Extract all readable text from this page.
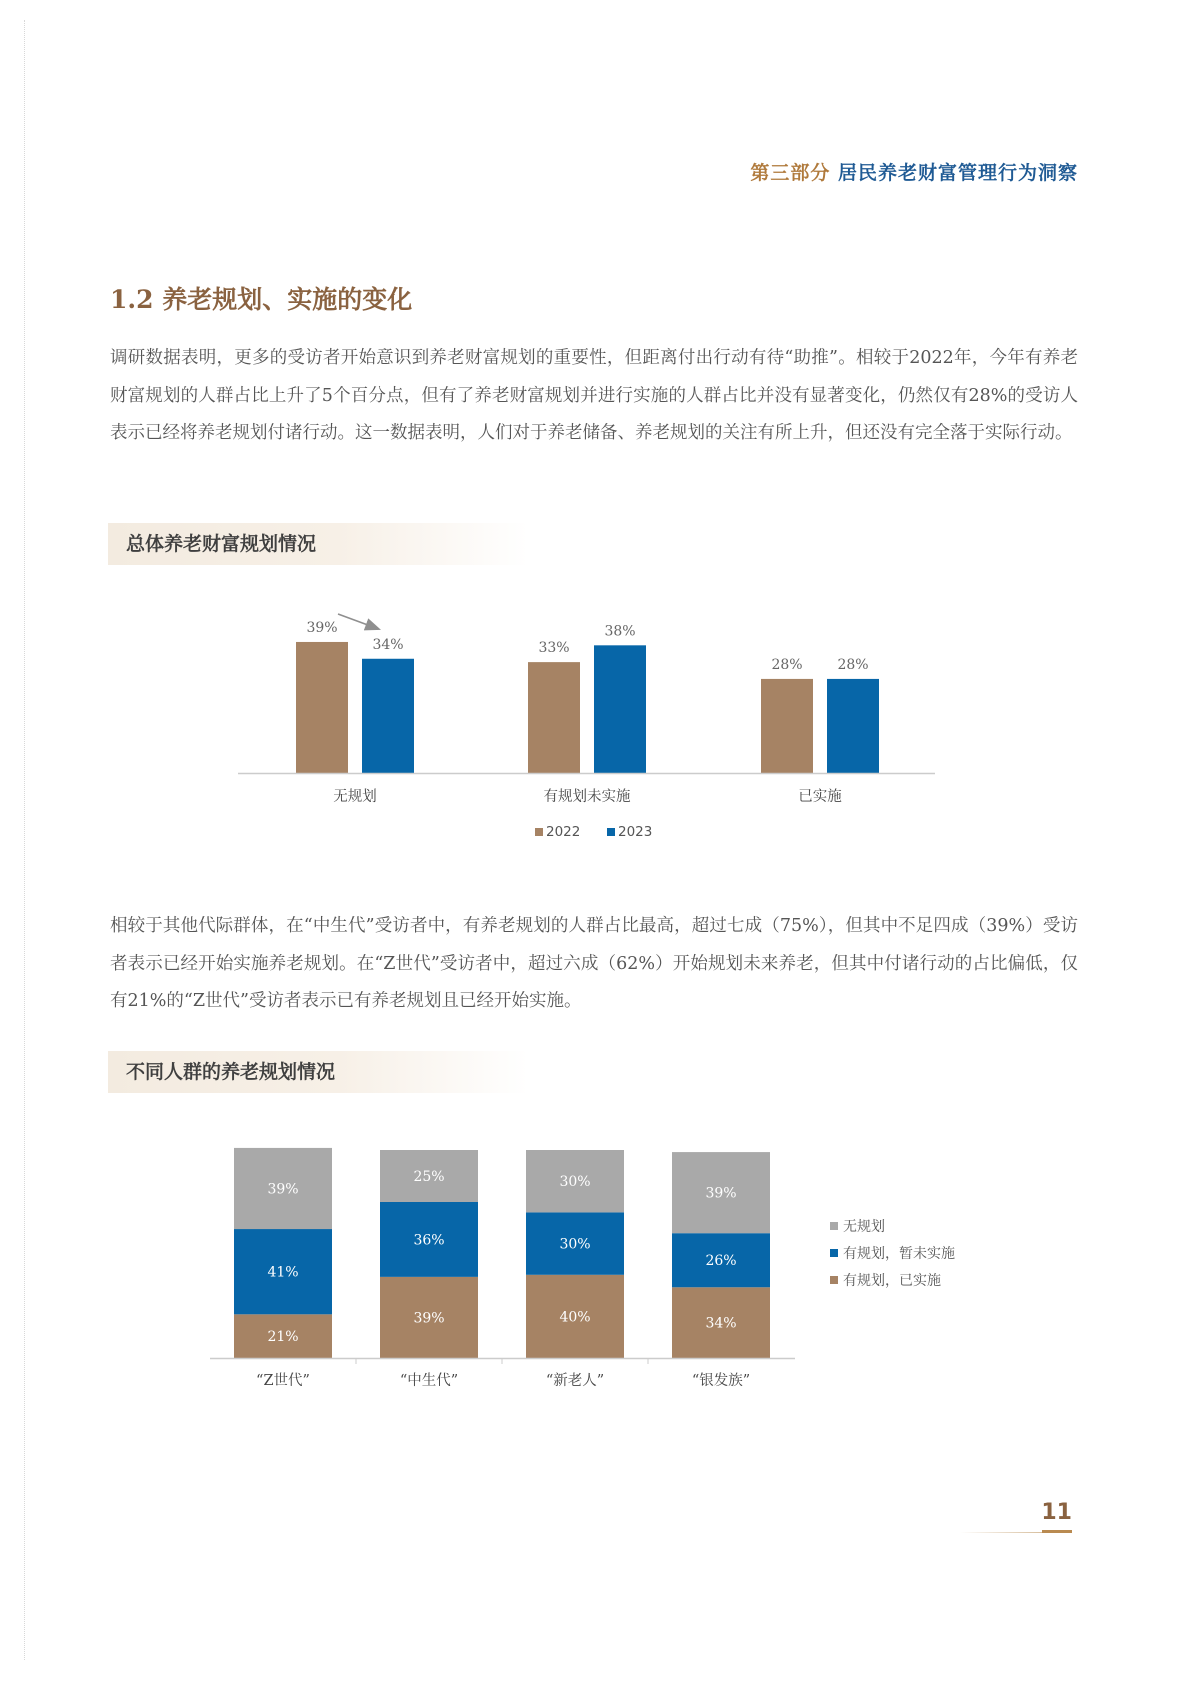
第三部分 居民养老财富管理行为洞察
1.2 养老规划、实施的变化

调研数据表明，更多的受访者开始意识到养老财富规划的重要性，但距离付出行动有待“助推”。相较于2022年，今年有养老财富规划的人群占比上升了5个百分点，但有了养老财富规划并进行实施的人群占比并没有显著变化，仍然仅有28%的受访人表示已经将养老规划付诸行动。这一数据表明，人们对于养老储备、养老规划的关注有所上升，但还没有完全落于实际行动。

总体养老财富规划情况
39%
34%
无规划
33%
38%
有规划未实施
28% 28%
已实施
2022	2023

相较于其他代际群体，在“中生代”受访者中，有养老规划的人群占比最高，超过七成（75%），但其中不足四成（39%）受访者表示已经开始实施养老规划。在“Z世代”受访者中，超过六成（62%）开始规划未来养老，但其中付诸行动的占比偏低，仅有21%的“Z世代”受访者表示已有养老规划且已经开始实施。

不同人群的养老规划情况
21%
41%
39%
“Z世代”
39%
36%
25%
“中生代”
40%
30%
30%
“新老人”
34%
26%
39%
“银发族”
无规划
有规划，暂未实施
有规划，已实施
11
